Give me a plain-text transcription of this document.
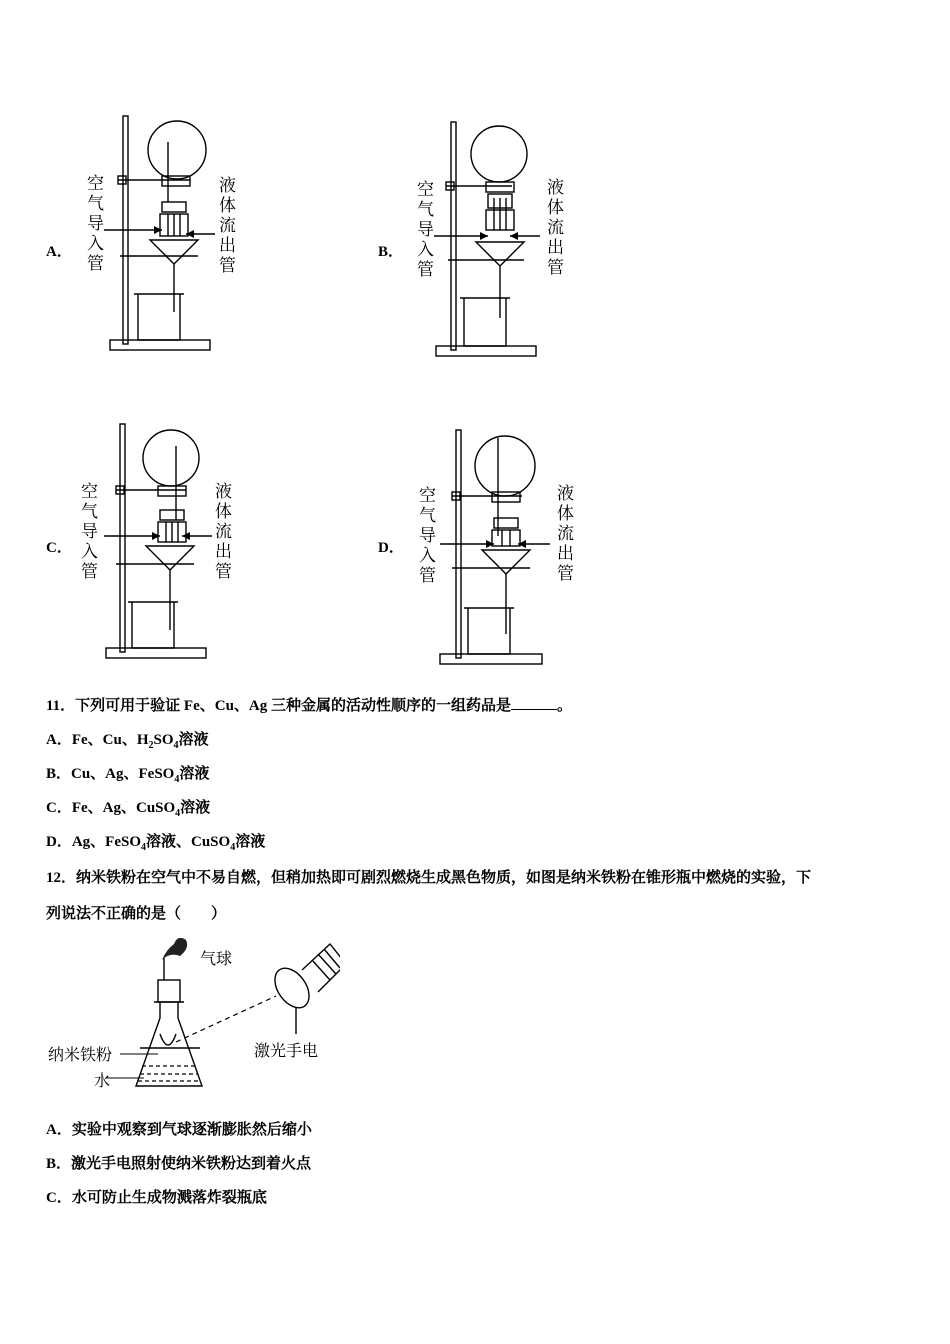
A． 空气导入管	液体流出管	B． 空气导入管	液体流出管
C． 空气导入管	液体流出管	D． 空气导入管	液体流出管
11．下列可用于验证 Fe、Cu、Ag 三种金属的活动性顺序的一组药品是	。
A．Fe、Cu、$H_2SO_4$溶液
B．Cu、Ag、FeSO$_4$溶液
C．Fe、Ag、CuSO$_4$溶液
D．Ag、FeSO$_4$溶液、CuSO$_4$溶液
12．纳米铁粉在空气中不易自燃，但稍加热即可剧烈燃烧生成黑色物质，如图是纳米铁粉在锥形瓶中燃烧的实验，下
列说法不正确的是（　　）
气球
纳米铁粉
水
激光手电
A．实验中观察到气球逐渐膨胀然后缩小
B．激光手电照射使纳米铁粉达到着火点
C．水可防止生成物溅落炸裂瓶底
